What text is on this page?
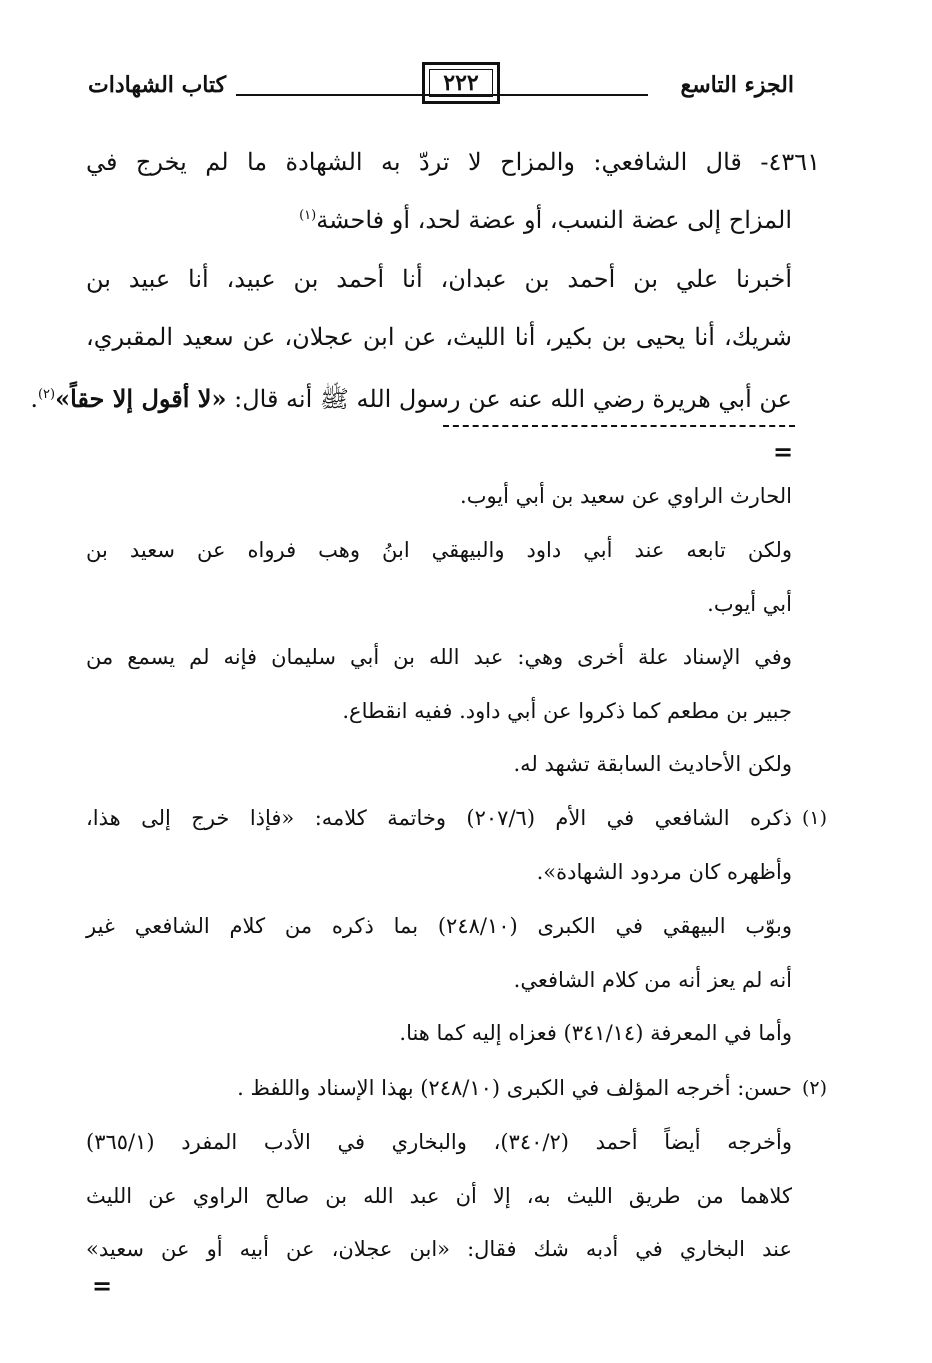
الجزء التاسع
٢٢٢
كتاب الشهادات
٤٣٦١- قال الشافعي: والمزاح لا تردّ به الشهادة ما لم يخرج في
المزاح إلى عضة النسب، أو عضة لحد، أو فاحشة$^{(١)}$
أخبرنا علي بن أحمد بن عبدان، أنا أحمد بن عبيد، أنا عبيد بن
شريك، أنا يحيى بن بكير، أنا الليث، عن ابن عجلان، عن سعيد المقبري،
عن أبي هريرة رضي الله عنه عن رسول الله ﷺ أنه قال: «لا أقول إلا حقاً»$^{(٢)}$.
=
الحارث الراوي عن سعيد بن أبي أيوب.
ولكن تابعه عند أبي داود والبيهقي ابنُ وهب فرواه عن سعيد بن
أبي أيوب.
وفي الإسناد علة أخرى وهي: عبد الله بن أبي سليمان فإنه لم يسمع من
جبير بن مطعم كما ذكروا عن أبي داود. ففيه انقطاع.
ولكن الأحاديث السابقة تشهد له.
(١)
ذكره الشافعي في الأم (٢٠٧/٦) وخاتمة كلامه: «فإذا خرج إلى هذا،
وأظهره كان مردود الشهادة».
وبوّب البيهقي في الكبرى (٢٤٨/١٠) بما ذكره من كلام الشافعي غير
أنه لم يعز أنه من كلام الشافعي.
وأما في المعرفة (٣٤١/١٤) فعزاه إليه كما هنا.
(٢)
حسن: أخرجه المؤلف في الكبرى (٢٤٨/١٠) بهذا الإسناد واللفظ .
وأخرجه أيضاً أحمد (٣٤٠/٢)، والبخاري في الأدب المفرد (٣٦٥/١)
كلاهما من طريق الليث به، إلا أن عبد الله بن صالح الراوي عن الليث
عند البخاري في أدبه شك فقال: «ابن عجلان، عن أبيه أو عن سعيد»
=
